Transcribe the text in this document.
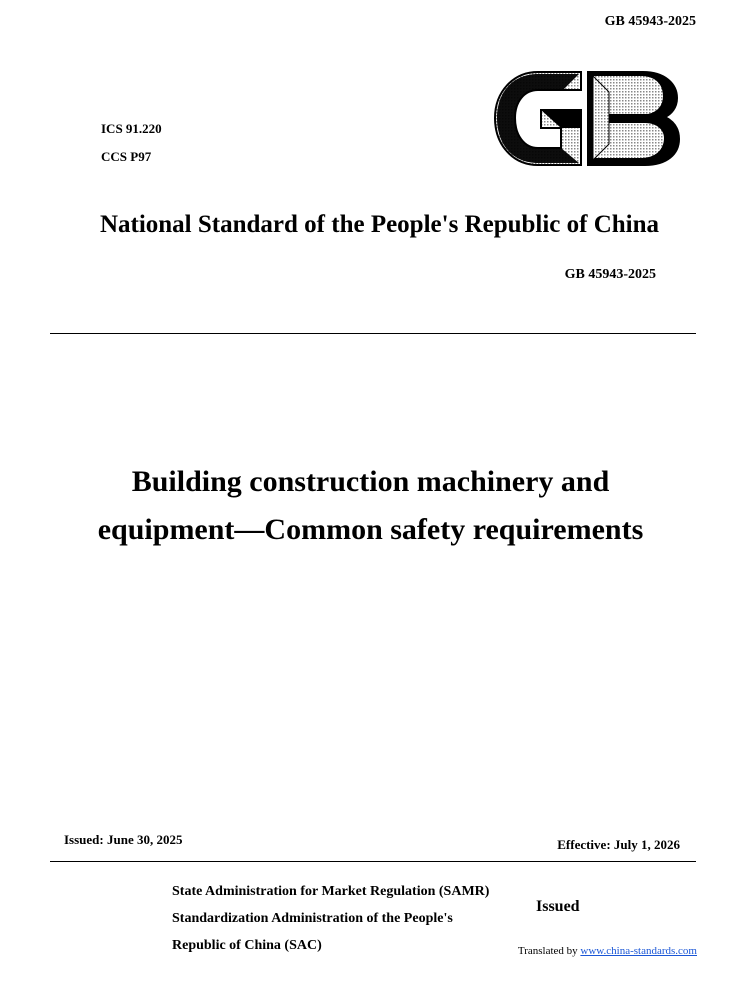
GB 45943-2025
ICS 91.220
CCS P97
National Standard of the People's Republic of China
GB 45943-2025
Building construction machinery and
equipment—Common safety requirements
Issued: June 30, 2025	Effective: July 1, 2026
State Administration for Market Regulation (SAMR)
Standardization Administration of the People's
Republic of China (SAC)
Issued
Translated by www.china-standards.com
